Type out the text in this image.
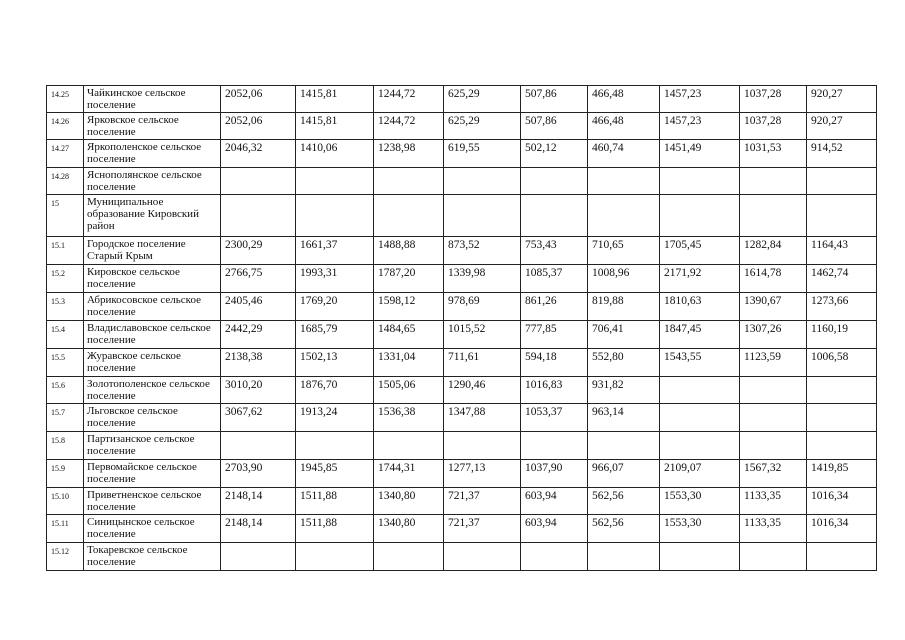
14.25	Чайкинское сельское поселение	2052,06	1415,81	1244,72	625,29	507,86	466,48	1457,23	1037,28	920,27
14.26	Ярковское сельское поселение	2052,06	1415,81	1244,72	625,29	507,86	466,48	1457,23	1037,28	920,27
14.27	Яркополенское сельское поселение	2046,32	1410,06	1238,98	619,55	502,12	460,74	1451,49	1031,53	914,52
14.28	Яснополянское сельское поселение									
15	Муниципальное образование Кировский район									
15.1	Городское поселение Старый Крым	2300,29	1661,37	1488,88	873,52	753,43	710,65	1705,45	1282,84	1164,43
15.2	Кировское сельское поселение	2766,75	1993,31	1787,20	1339,98	1085,37	1008,96	2171,92	1614,78	1462,74
15.3	Абрикосовское сельское поселение	2405,46	1769,20	1598,12	978,69	861,26	819,88	1810,63	1390,67	1273,66
15.4	Владиславовское сельское поселение	2442,29	1685,79	1484,65	1015,52	777,85	706,41	1847,45	1307,26	1160,19
15.5	Журавское сельское поселение	2138,38	1502,13	1331,04	711,61	594,18	552,80	1543,55	1123,59	1006,58
15.6	Золотополенское сельское поселение	3010,20	1876,70	1505,06	1290,46	1016,83	931,82			
15.7	Льговское сельское поселение	3067,62	1913,24	1536,38	1347,88	1053,37	963,14			
15.8	Партизанское сельское поселение									
15.9	Первомайское сельское поселение	2703,90	1945,85	1744,31	1277,13	1037,90	966,07	2109,07	1567,32	1419,85
15.10	Приветненское сельское поселение	2148,14	1511,88	1340,80	721,37	603,94	562,56	1553,30	1133,35	1016,34
15.11	Синицынское сельское поселение	2148,14	1511,88	1340,80	721,37	603,94	562,56	1553,30	1133,35	1016,34
15.12	Токаревское сельское поселение									
